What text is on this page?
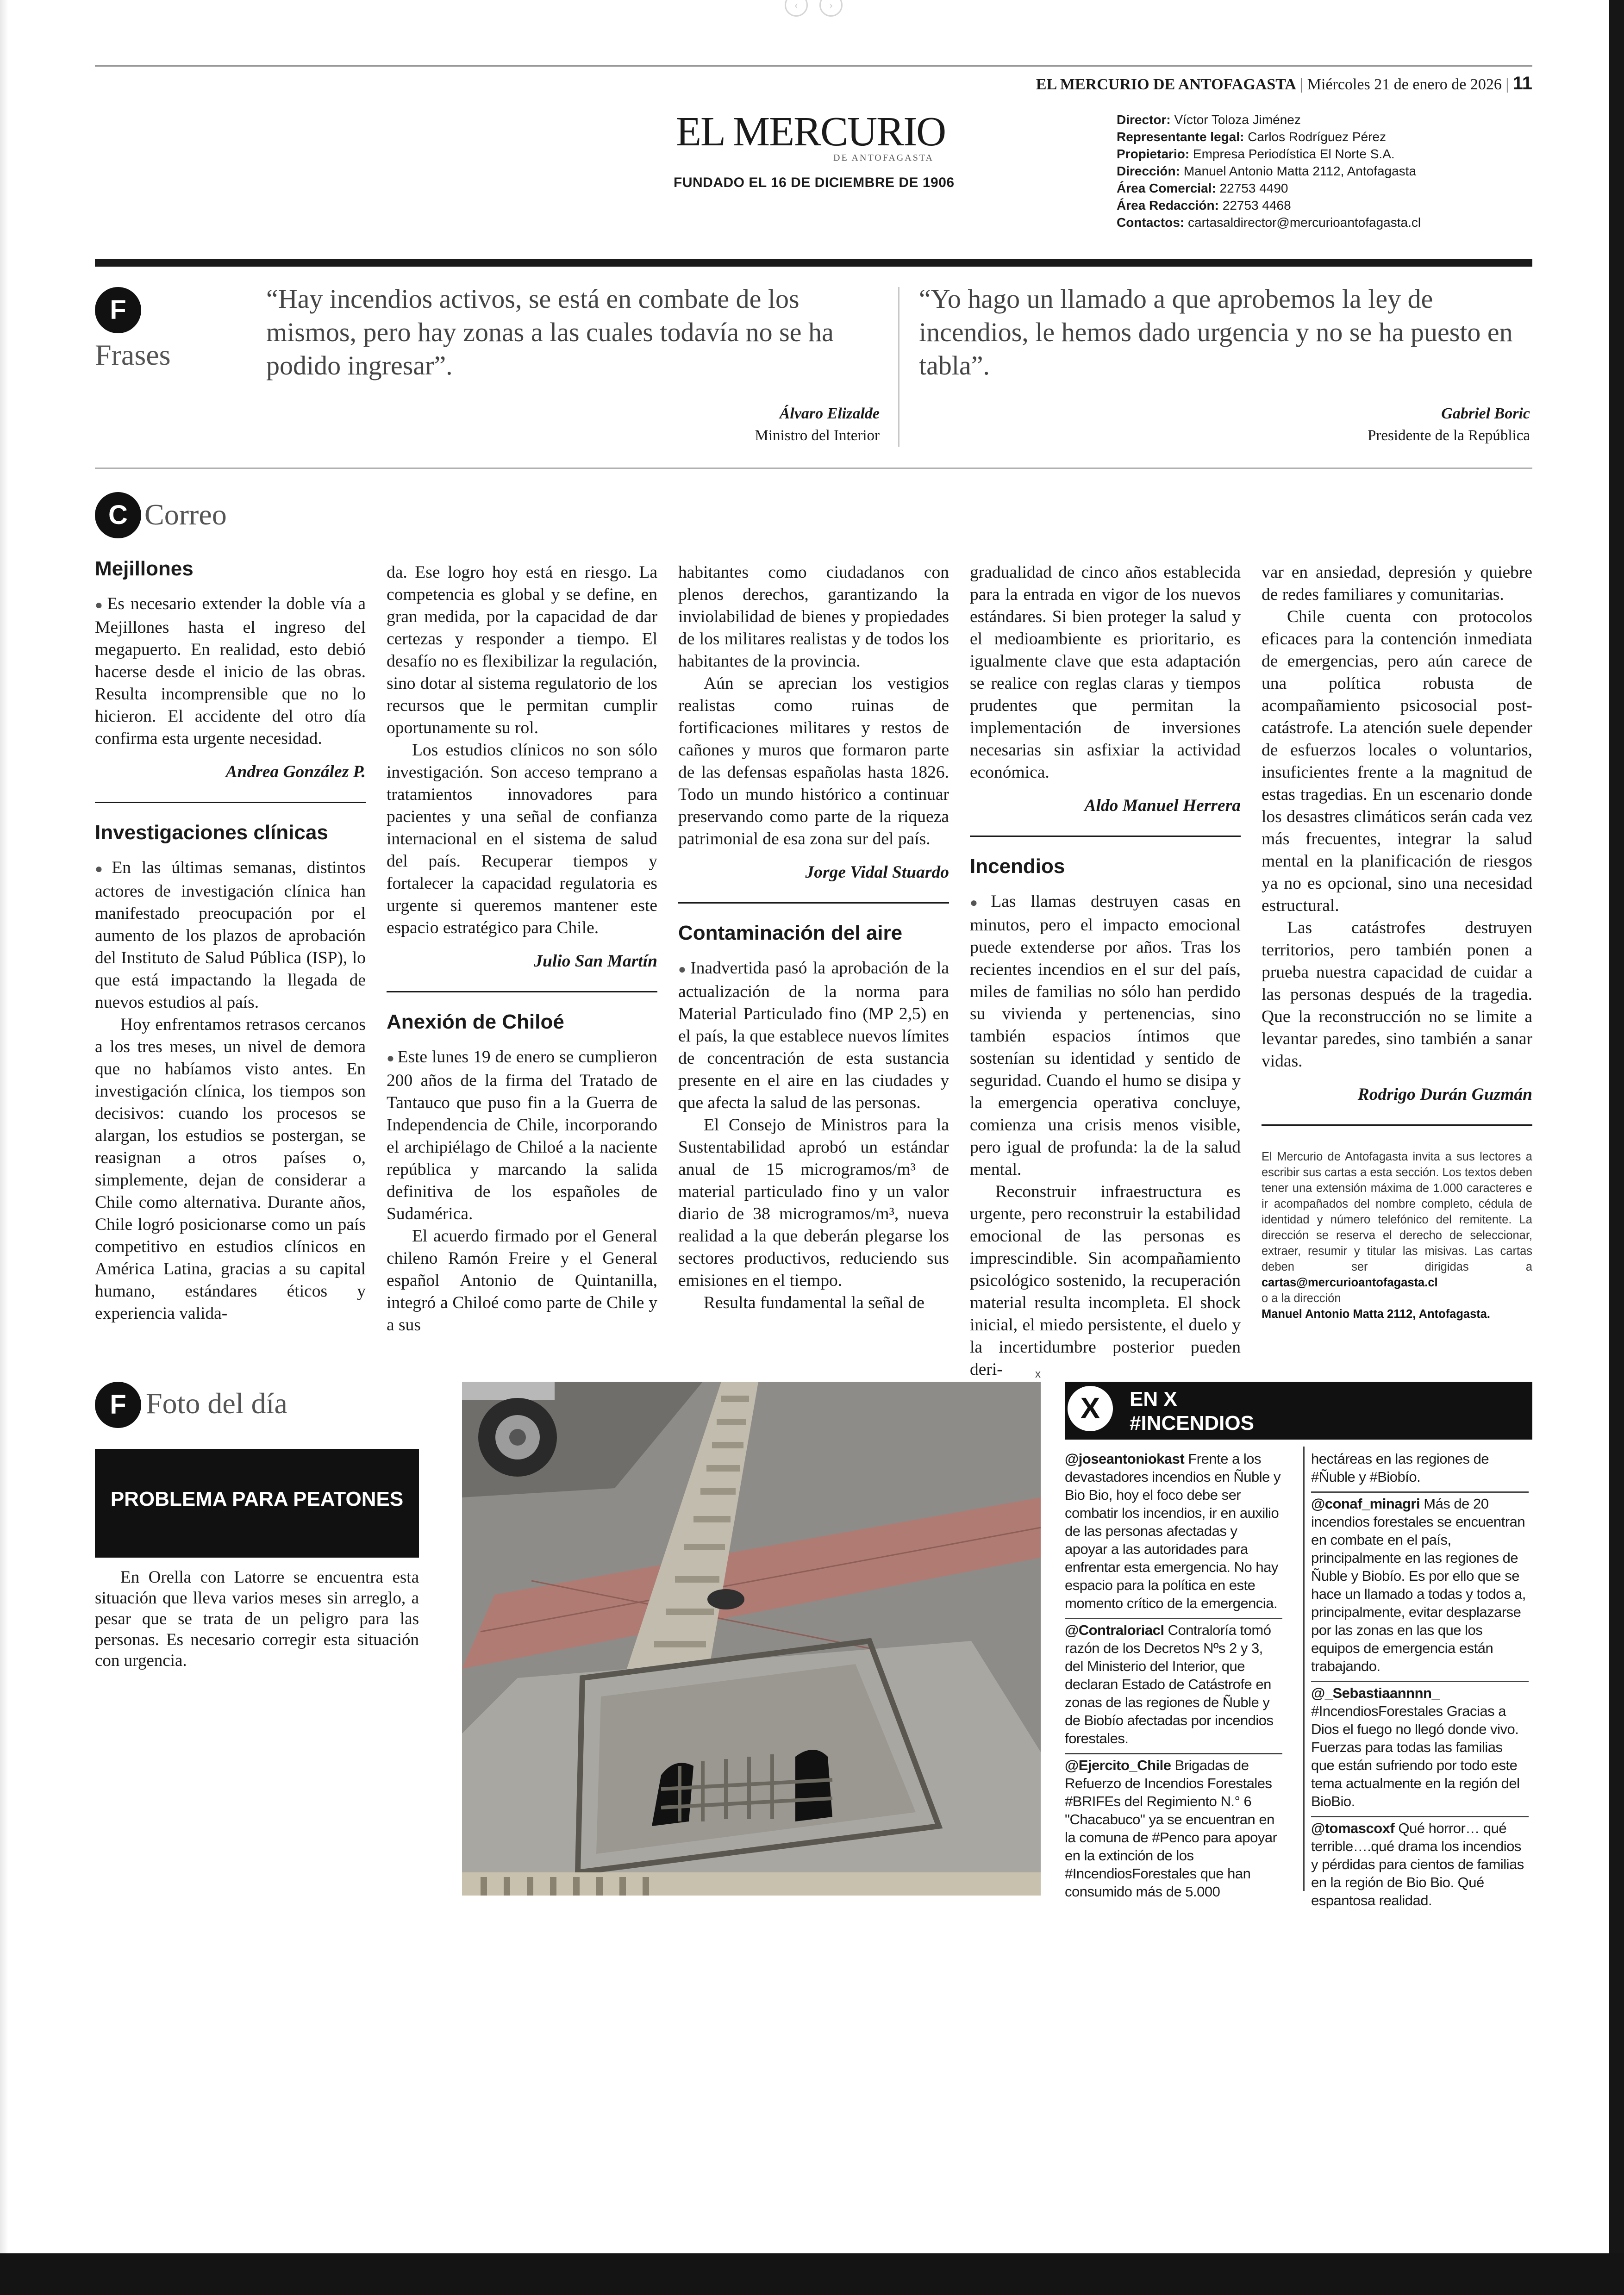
‹	›
EL MERCURIO DE ANTOFAGASTA | Miércoles 21 de enero de 2026 | 11
EL MERCURIO
DE ANTOFAGASTA
FUNDADO EL 16 DE DICIEMBRE DE 1906
Director: Víctor Toloza Jiménez
Representante legal: Carlos Rodríguez Pérez
Propietario: Empresa Periodística El Norte S.A.
Dirección: Manuel Antonio Matta 2112, Antofagasta
Área Comercial: 22753 4490
Área Redacción: 22753 4468
Contactos: cartasaldirector@mercurioantofagasta.cl
F
Frases
“Hay incendios activos, se está en combate de los mismos, pero hay zonas a las cuales todavía no se ha podido ingresar”.
Álvaro Elizalde
Ministro del Interior
“Yo hago un llamado a que aprobemos la ley de incendios, le hemos dado urgencia y no se ha puesto en tabla”.
Gabriel Boric
Presidente de la República
C Correo
Mejillones

● Es necesario extender la doble vía a Mejillones hasta el ingreso del megapuerto. En realidad, esto debió hacerse desde el inicio de las obras. Resulta incomprensible que no lo hicieron. El accidente del otro día confirma esta urgente necesidad.

Andrea González P.
Investigaciones clínicas

● En las últimas semanas, distintos actores de investigación clínica han manifestado preocupación por el aumento de los plazos de aprobación del Instituto de Salud Pública (ISP), lo que está impactando la llegada de nuevos estudios al país.

Hoy enfrentamos retrasos cercanos a los tres meses, un nivel de demora que no habíamos visto antes. En investigación clínica, los tiempos son decisivos: cuando los procesos se alargan, los estudios se postergan, se reasignan a otros países o, simplemente, dejan de considerar a Chile como alternativa. Durante años, Chile logró posicionarse como un país competitivo en estudios clínicos en América Latina, gracias a su capital humano, estándares éticos y experiencia valida-

da. Ese logro hoy está en riesgo. La competencia es global y se define, en gran medida, por la capacidad de dar certezas y responder a tiempo. El desafío no es flexibilizar la regulación, sino dotar al sistema regulatorio de los recursos que le permitan cumplir oportunamente su rol.

Los estudios clínicos no son sólo investigación. Son acceso temprano a tratamientos innovadores para pacientes y una señal de confianza internacional en el sistema de salud del país. Recuperar tiempos y fortalecer la capacidad regulatoria es urgente si queremos mantener este espacio estratégico para Chile.

Julio San Martín
Anexión de Chiloé

● Este lunes 19 de enero se cumplieron 200 años de la firma del Tratado de Tantauco que puso fin a la Guerra de Independencia de Chile, incorporando el archipiélago de Chiloé a la naciente república y marcando la salida definitiva de los españoles de Sudamérica.

El acuerdo firmado por el General chileno Ramón Freire y el General español Antonio de Quintanilla, integró a Chiloé como parte de Chile y a sus

habitantes como ciudadanos con plenos derechos, garantizando la inviolabilidad de bienes y propiedades de los militares realistas y de todos los habitantes de la provincia.

Aún se aprecian los vestigios realistas como ruinas de fortificaciones militares y restos de cañones y muros que formaron parte de las defensas españolas hasta 1826. Todo un mundo histórico a continuar preservando como parte de la riqueza patrimonial de esa zona sur del país.

Jorge Vidal Stuardo
Contaminación del aire

● Inadvertida pasó la aprobación de la actualización de la norma para Material Particulado fino (MP 2,5) en el país, la que establece nuevos límites de concentración de esta sustancia presente en el aire en las ciudades y que afecta la salud de las personas.

El Consejo de Ministros para la Sustentabilidad aprobó un estándar anual de 15 microgramos/m³ de material particulado fino y un valor diario de 38 microgramos/m³, nueva realidad a la que deberán plegarse los sectores productivos, reduciendo sus emisiones en el tiempo.

Resulta fundamental la señal de

gradualidad de cinco años establecida para la entrada en vigor de los nuevos estándares. Si bien proteger la salud y el medioambiente es prioritario, es igualmente clave que esta adaptación se realice con reglas claras y tiempos prudentes que permitan la implementación de inversiones necesarias sin asfixiar la actividad económica.

Aldo Manuel Herrera
Incendios

● Las llamas destruyen casas en minutos, pero el impacto emocional puede extenderse por años. Tras los recientes incendios en el sur del país, miles de familias no sólo han perdido su vivienda y pertenencias, sino también espacios íntimos que sostenían su identidad y sentido de seguridad. Cuando el humo se disipa y la emergencia operativa concluye, comienza una crisis menos visible, pero igual de profunda: la de la salud mental.

Reconstruir infraestructura es urgente, pero reconstruir la estabilidad emocional de las personas es imprescindible. Sin acompañamiento psicológico sostenido, la recuperación material resulta incompleta. El shock inicial, el miedo persistente, el duelo y la incertidumbre posterior pueden deri-

var en ansiedad, depresión y quiebre de redes familiares y comunitarias.

Chile cuenta con protocolos eficaces para la contención inmediata de emergencias, pero aún carece de una política robusta de acompañamiento psicosocial post-catástrofe. La atención suele depender de esfuerzos locales o voluntarios, insuficientes frente a la magnitud de estas tragedias. En un escenario donde los desastres climáticos serán cada vez más frecuentes, integrar la salud mental en la planificación de riesgos ya no es opcional, sino una necesidad estructural.

Las catástrofes destruyen territorios, pero también ponen a prueba nuestra capacidad de cuidar a las personas después de la tragedia. Que la reconstrucción no se limite a levantar paredes, sino también a sanar vidas.

Rodrigo Durán Guzmán
El Mercurio de Antofagasta invita a sus lectores a escribir sus cartas a esta sección. Los textos deben tener una extensión máxima de 1.000 caracteres e ir acompañados del nombre completo, cédula de identidad y número telefónico del remitente. La dirección se reserva el derecho de seleccionar, extraer, resumir y titular las misivas. Las cartas deben ser dirigidas a cartas@mercurioantofagasta.cl
o a la dirección
Manuel Antonio Matta 2112, Antofagasta.
F Foto del día
PROBLEMA PARA PEATONES
En Orella con Latorre se encuentra esta situación que lleva varios meses sin arreglo, a pesar que se trata de un peligro para las personas. Es necesario corregir esta situación con urgencia.
x
EN X
#INCENDIOS
X
@joseantoniokast Frente a los devastadores incendios en Ñuble y Bio Bio, hoy el foco debe ser combatir los incendios, ir en auxilio de las personas afectadas y apoyar a las autoridades para enfrentar esta emergencia. No hay espacio para la política en este momento crítico de la emergencia.
@Contraloriacl Contraloría tomó razón de los Decretos Nºs 2 y 3, del Ministerio del Interior, que declaran Estado de Catástrofe en zonas de las regiones de Ñuble y de Biobío afectadas por incendios forestales.
@Ejercito_Chile Brigadas de Refuerzo de Incendios Forestales #BRIFEs del Regimiento N.° 6 "Chacabuco" ya se encuentran en la comuna de #Penco para apoyar en la extinción de los #IncendiosForestales que han consumido más de 5.000
hectáreas en las regiones de #Ñuble y #Biobío.
@conaf_minagri Más de 20 incendios forestales se encuentran en combate en el país, principalmente en las regiones de Ñuble y Biobío. Es por ello que se hace un llamado a todas y todos a, principalmente, evitar desplazarse por las zonas en las que los equipos de emergencia están trabajando.
@_Sebastiaannnn_ #IncendiosForestales Gracias a Dios el fuego no llegó donde vivo. Fuerzas para todas las familias que están sufriendo por todo este tema actualmente en la región del BioBio.
@tomascoxf Qué horror… qué terrible….qué drama los incendios y pérdidas para cientos de familias en la región de Bio Bio. Qué espantosa realidad.
